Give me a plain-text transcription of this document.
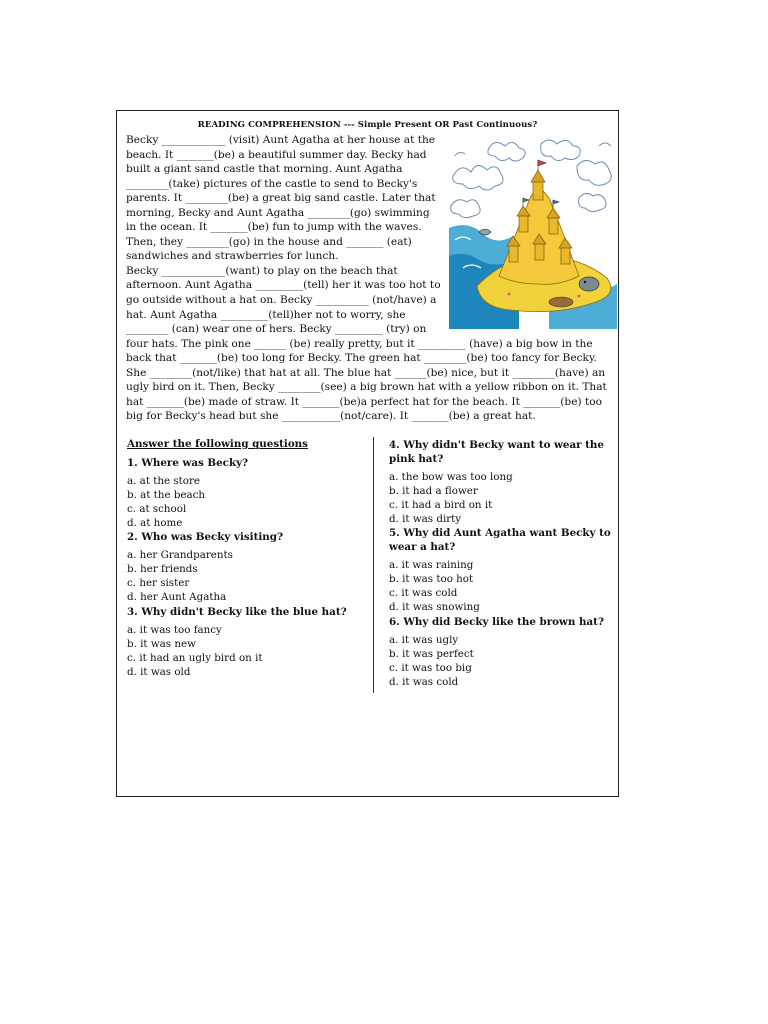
READING COMPREHENSION --- Simple Present OR Past Continuous?
Becky ____________ (visit) Aunt Agatha at her house at the
beach. It _______(be) a beautiful summer day. Becky had
built a giant sand castle that morning. Aunt Agatha
________(take) pictures of the castle to send to Becky's
parents. It ________(be) a great big sand castle. Later that
morning, Becky and Aunt Agatha ________(go) swimming
in the ocean. It _______(be) fun to jump with the waves.
Then, they ________(go) in the house and _______ (eat)
sandwiches and strawberries for lunch.
Becky ____________(want) to play on the beach that
afternoon. Aunt Agatha _________(tell) her it was too hot to
go outside without a hat on. Becky __________ (not/have) a
hat. Aunt Agatha _________(tell)her not to worry, she
________ (can) wear one of hers. Becky _________ (try) on
four hats. The pink one ______ (be) really pretty, but it _________ (have) a big bow in the
back that _______(be) too long for Becky. The green hat ________(be) too fancy for Becky.
She ________(not/like) that hat at all. The blue hat ______(be) nice, but it ________(have) an
ugly bird on it. Then, Becky ________(see) a big brown hat with a yellow ribbon on it. That
hat _______(be) made of straw. It _______(be)a perfect hat for the beach. It _______(be) too
big for Becky's head but she ___________(not/care). It _______(be) a great hat.
Answer the following questions
1. Where was Becky?
a. at the store
b. at the beach
c. at school
d. at home
2. Who was Becky visiting?
a. her Grandparents
b. her friends
c. her sister
d. her Aunt Agatha
3. Why didn't Becky like the blue hat?
a. it was too fancy
b. it was new
c. it had an ugly bird on it
d. it was old
4. Why didn't Becky want to wear the pink hat?
a. the bow was too long
b. it had a flower
c. it had a bird on it
d. it was dirty
5. Why did Aunt Agatha want Becky to wear a hat?
a. it was raining
b. it was too hot
c. it was cold
d. it was snowing
6. Why did Becky like the brown hat?
a. it was ugly
b. it was perfect
c. it was too big
d. it was cold
